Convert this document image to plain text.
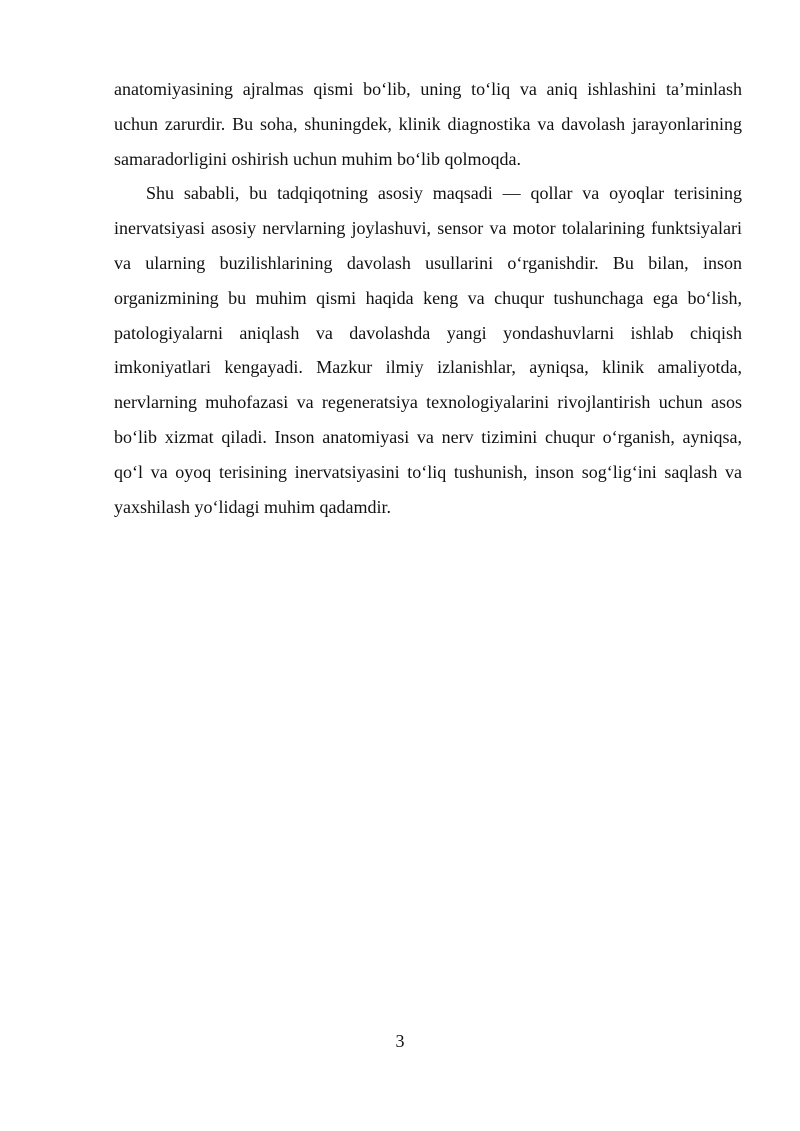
anatomiyasining ajralmas qismi bo‘lib, uning to‘liq va aniq ishlashini ta’minlash uchun zarurdir. Bu soha, shuningdek, klinik diagnostika va davolash jarayonlarining samaradorligini oshirish uchun muhim bo‘lib qolmoqda.

Shu sababli, bu tadqiqotning asosiy maqsadi — qollar va oyoqlar terisining inervatsiyasi asosiy nervlarning joylashuvi, sensor va motor tolalarining funktsiyalari va ularning buzilishlarining davolash usullarini o‘rganishdir. Bu bilan, inson organizmining bu muhim qismi haqida keng va chuqur tushunchaga ega bo‘lish, patologiyalarni aniqlash va davolashda yangi yondashuvlarni ishlab chiqish imkoniyatlari kengayadi. Mazkur ilmiy izlanishlar, ayniqsa, klinik amaliyotda, nervlarning muhofazasi va regeneratsiya texnologiyalarini rivojlantirish uchun asos bo‘lib xizmat qiladi. Inson anatomiyasi va nerv tizimini chuqur o‘rganish, ayniqsa, qo‘l va oyoq terisining inervatsiyasini to‘liq tushunish, inson sog‘lig‘ini saqlash va yaxshilash yo‘lidagi muhim qadamdir.

3
